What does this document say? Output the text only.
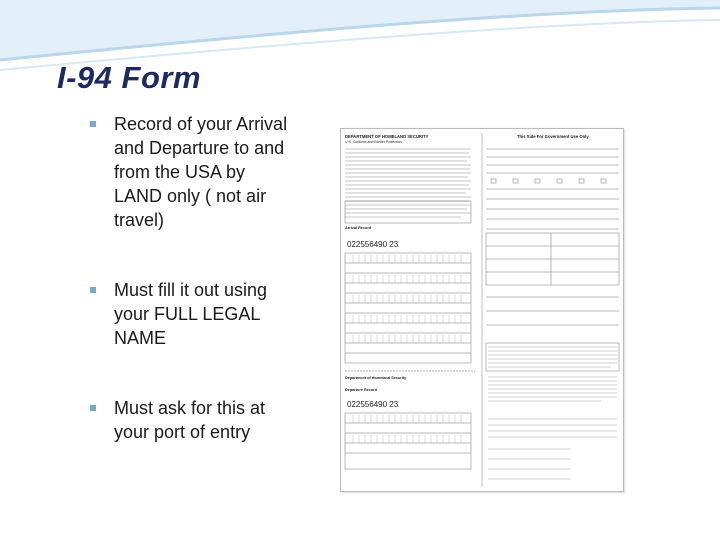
I-94 Form
Record of your Arrival and Departure to and from the USA by LAND only ( not air travel)
Must fill it out using your FULL LEGAL NAME
Must ask for this at your port of entry
DEPARTMENT OF HOMELAND SECURITY
U.S. Customs and Border Protection
Arrival Record
022556490 23
Department of Homeland Security
Departure Record
022556490 23
This Side For Government Use Only
